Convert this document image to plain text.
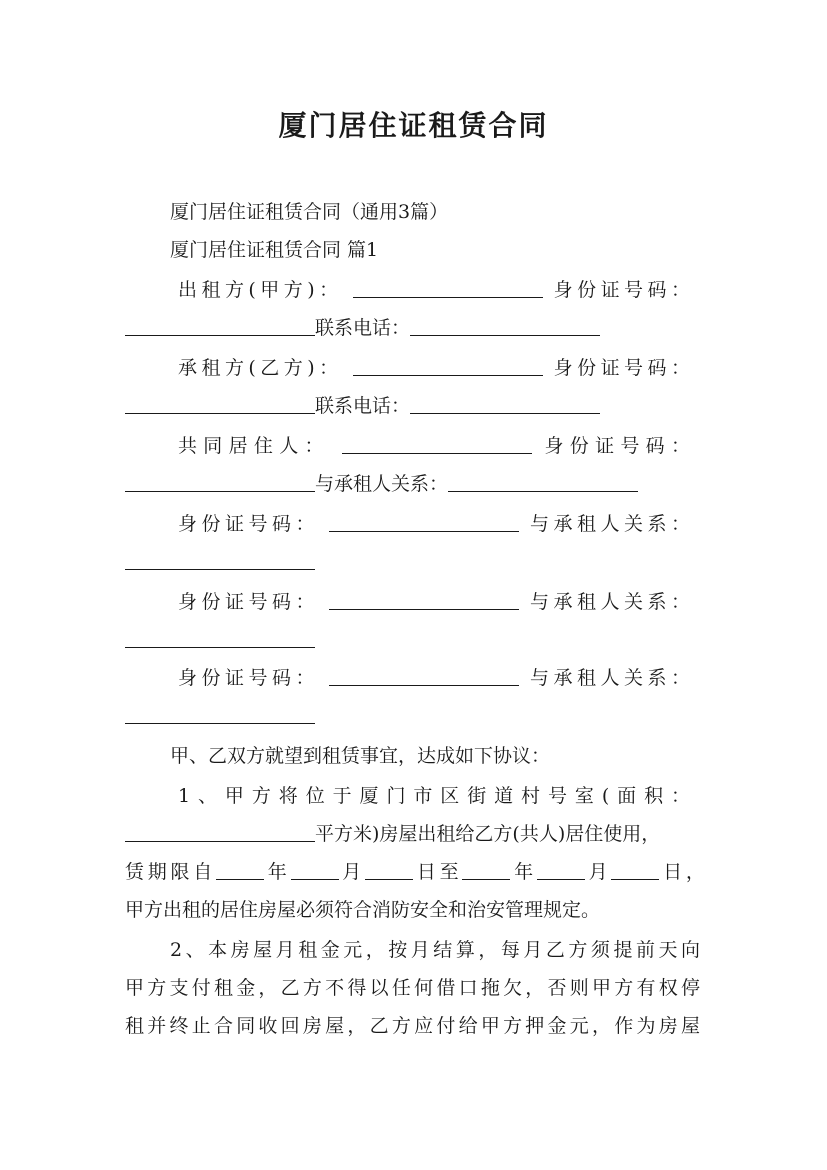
厦门居住证租赁合同
厦门居住证租赁合同（通用3篇）
厦门居住证租赁合同 篇1
出租方(甲方)：	身份证号码：
联系电话：
承租方(乙方)：	身份证号码：
联系电话：
共同居住人：	身份证号码：
与承租人关系：
身份证号码：	与承租人关系：
身份证号码：	与承租人关系：
身份证号码：	与承租人关系：
甲、乙双方就望到租赁事宜，达成如下协议：
1、甲方将位于厦门市区街道村号室(面积：
平方米)房屋出租给乙方(共人)居住使用，
赁期限自	年	月	日至	年	月	日，
甲方出租的居住房屋必须符合消防安全和治安管理规定。
2、本房屋月租金元，按月结算，每月乙方须提前天向
甲方支付租金，乙方不得以任何借口拖欠，否则甲方有权停
租并终止合同收回房屋，乙方应付给甲方押金元，作为房屋
